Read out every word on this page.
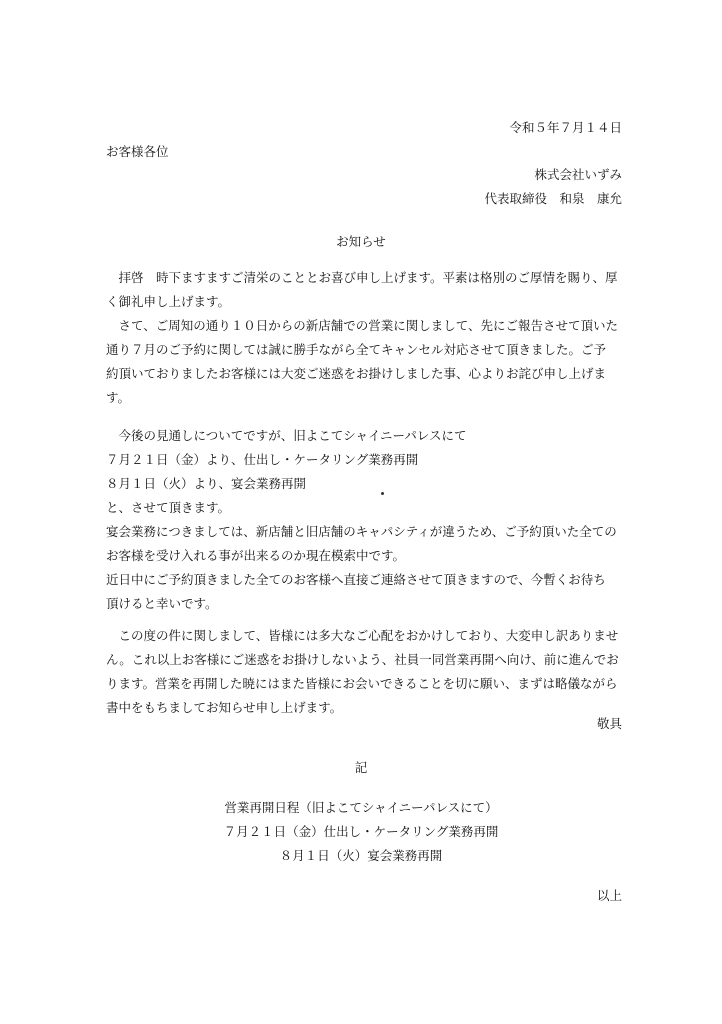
令和５年７月１４日
お客様各位
株式会社いずみ
代表取締役　和泉　康允
お知らせ
　拝啓　時下ますますご清栄のこととお喜び申し上げます。平素は格別のご厚情を賜り、厚
く御礼申し上げます。
　さて、ご周知の通り１０日からの新店舗での営業に関しまして、先にご報告させて頂いた
通り７月のご予約に関しては誠に勝手ながら全てキャンセル対応させて頂きました。ご予
約頂いておりましたお客様には大変ご迷惑をお掛けしました事、心よりお詫び申し上げま
す。
　今後の見通しについてですが、旧よこてシャイニーパレスにて
７月２１日（金）より、仕出し・ケータリング業務再開
８月１日（火）より、宴会業務再開
と、させて頂きます。
宴会業務につきましては、新店舗と旧店舗のキャパシティが違うため、ご予約頂いた全ての
お客様を受け入れる事が出来るのか現在模索中です。
近日中にご予約頂きました全てのお客様へ直接ご連絡させて頂きますので、今暫くお待ち
頂けると幸いです。
　この度の件に関しまして、皆様には多大なご心配をおかけしており、大変申し訳ありませ
ん。これ以上お客様にご迷惑をお掛けしないよう、社員一同営業再開へ向け、前に進んでお
ります。営業を再開した暁にはまた皆様にお会いできることを切に願い、まずは略儀ながら
書中をもちましてお知らせ申し上げます。
敬具
記
営業再開日程（旧よこてシャイニーパレスにて）
７月２１日（金）仕出し・ケータリング業務再開
８月１日（火）宴会業務再開
以上
